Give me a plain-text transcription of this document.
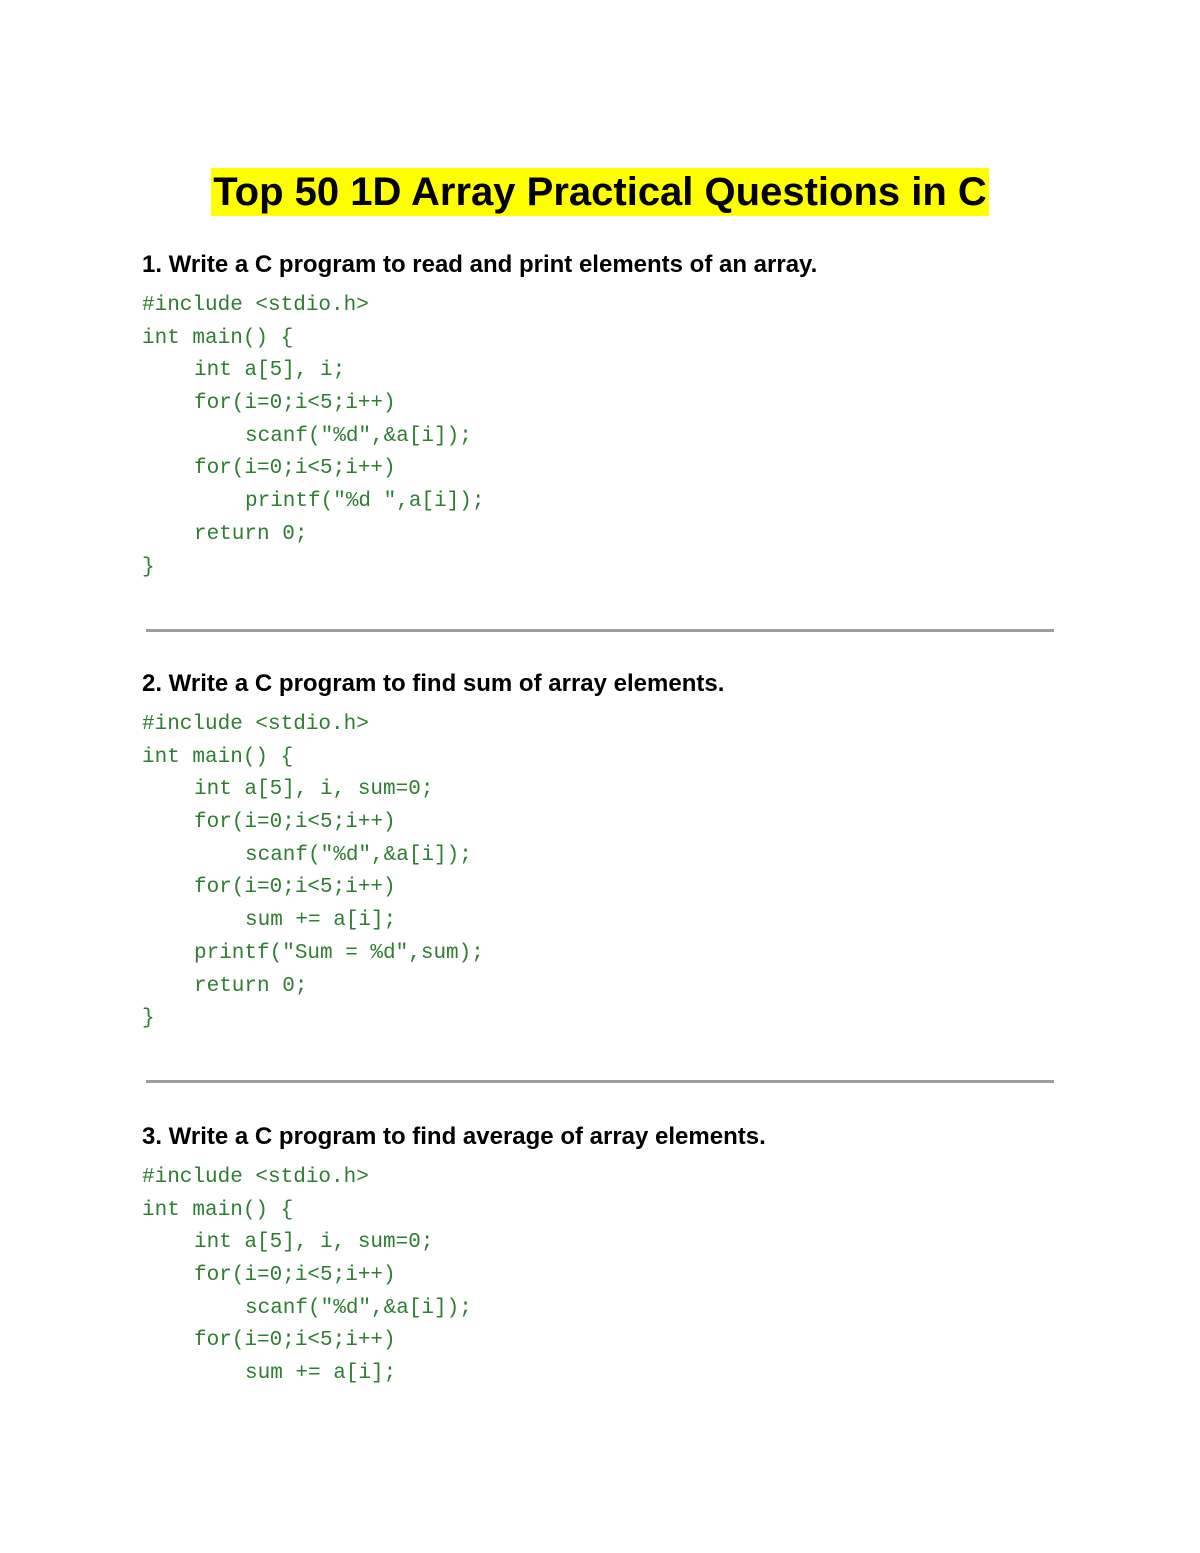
Top 50 1D Array Practical Questions in C
1. Write a C program to read and print elements of an array.
#include <stdio.h>
int main() {
int a[5], i;
for(i=0;i<5;i++)
scanf("%d",&a[i]);
for(i=0;i<5;i++)
printf("%d ",a[i]);
return 0;
}
2. Write a C program to find sum of array elements.
#include <stdio.h>
int main() {
int a[5], i, sum=0;
for(i=0;i<5;i++)
scanf("%d",&a[i]);
for(i=0;i<5;i++)
sum += a[i];
printf("Sum = %d",sum);
return 0;
}
3. Write a C program to find average of array elements.
#include <stdio.h>
int main() {
int a[5], i, sum=0;
for(i=0;i<5;i++)
scanf("%d",&a[i]);
for(i=0;i<5;i++)
sum += a[i];
